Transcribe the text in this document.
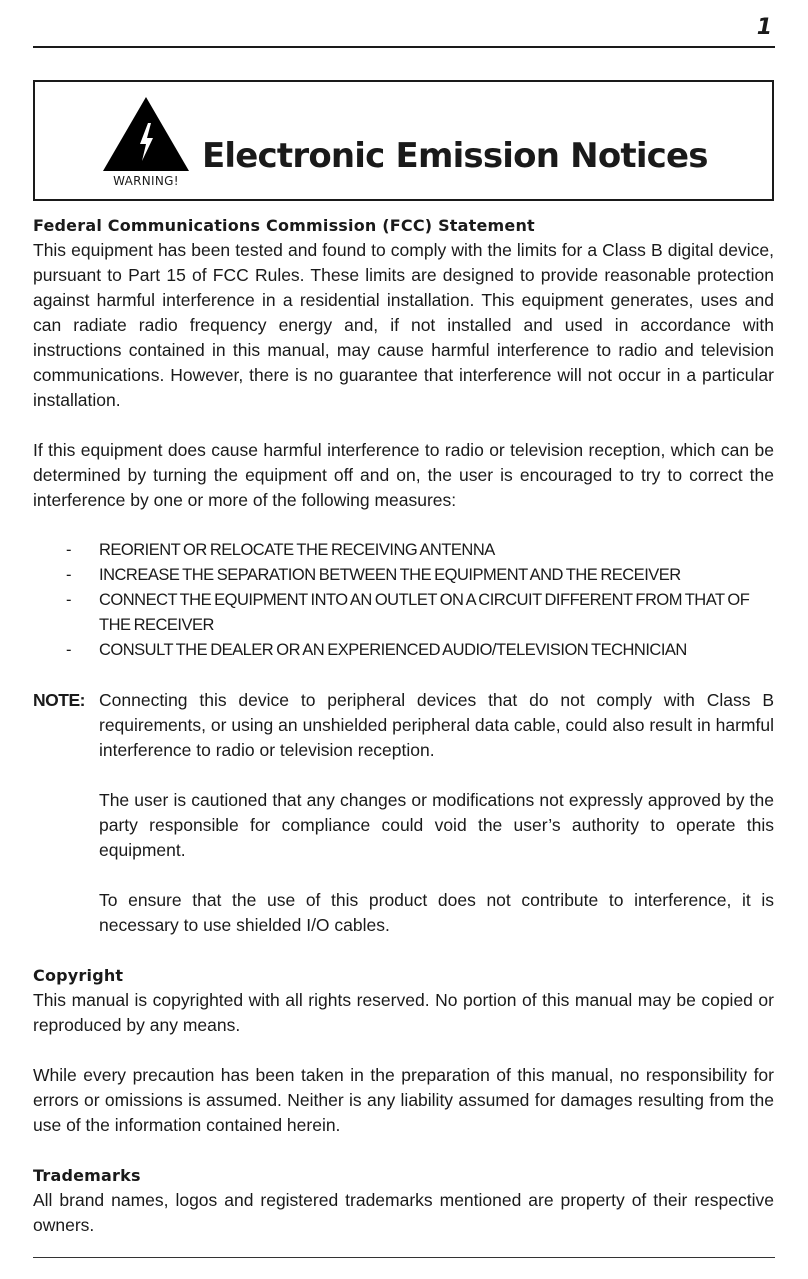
1
WARNING!
Electronic Emission Notices
Federal Communications Commission (FCC) Statement

This equipment has been tested and found to comply with the limits for a Class B digital device, pursuant to Part 15 of FCC Rules. These limits are designed to provide reasonable protection against harmful interference in a residential installation. This equipment generates, uses and can radiate radio frequency energy and, if not installed and used in accordance with instructions contained in this manual, may cause harmful interference to radio and television communications. However, there is no guarantee that interference will not occur in a particular installation.

If this equipment does cause harmful interference to radio or television reception, which can be determined by turning the equipment off and on, the user is encouraged to try to correct the interference by one or more of the following measures:

- REORIENT OR RELOCATE THE RECEIVING ANTENNA
- INCREASE THE SEPARATION BETWEEN THE EQUIPMENT AND THE RECEIVER
- CONNECT THE EQUIPMENT INTO AN OUTLET ON A CIRCUIT DIFFERENT FROM THAT OF THE RECEIVER
- CONSULT THE DEALER OR AN EXPERIENCED AUDIO/TELEVISION TECHNICIAN
NOTE: Connecting this device to peripheral devices that do not comply with Class B requirements, or using an unshielded peripheral data cable, could also result in harmful interference to radio or television reception.

The user is cautioned that any changes or modifications not expressly approved by the party responsible for compliance could void the user’s authority to operate this equipment.

To ensure that the use of this product does not contribute to interference, it is necessary to use shielded I/O cables.

Copyright

This manual is copyrighted with all rights reserved. No portion of this manual may be copied or reproduced by any means.

While every precaution has been taken in the preparation of this manual, no responsibility for errors or omissions is assumed. Neither is any liability assumed for damages resulting from the use of the information contained herein.

Trademarks

All brand names, logos and registered trademarks mentioned are property of their respective owners.
